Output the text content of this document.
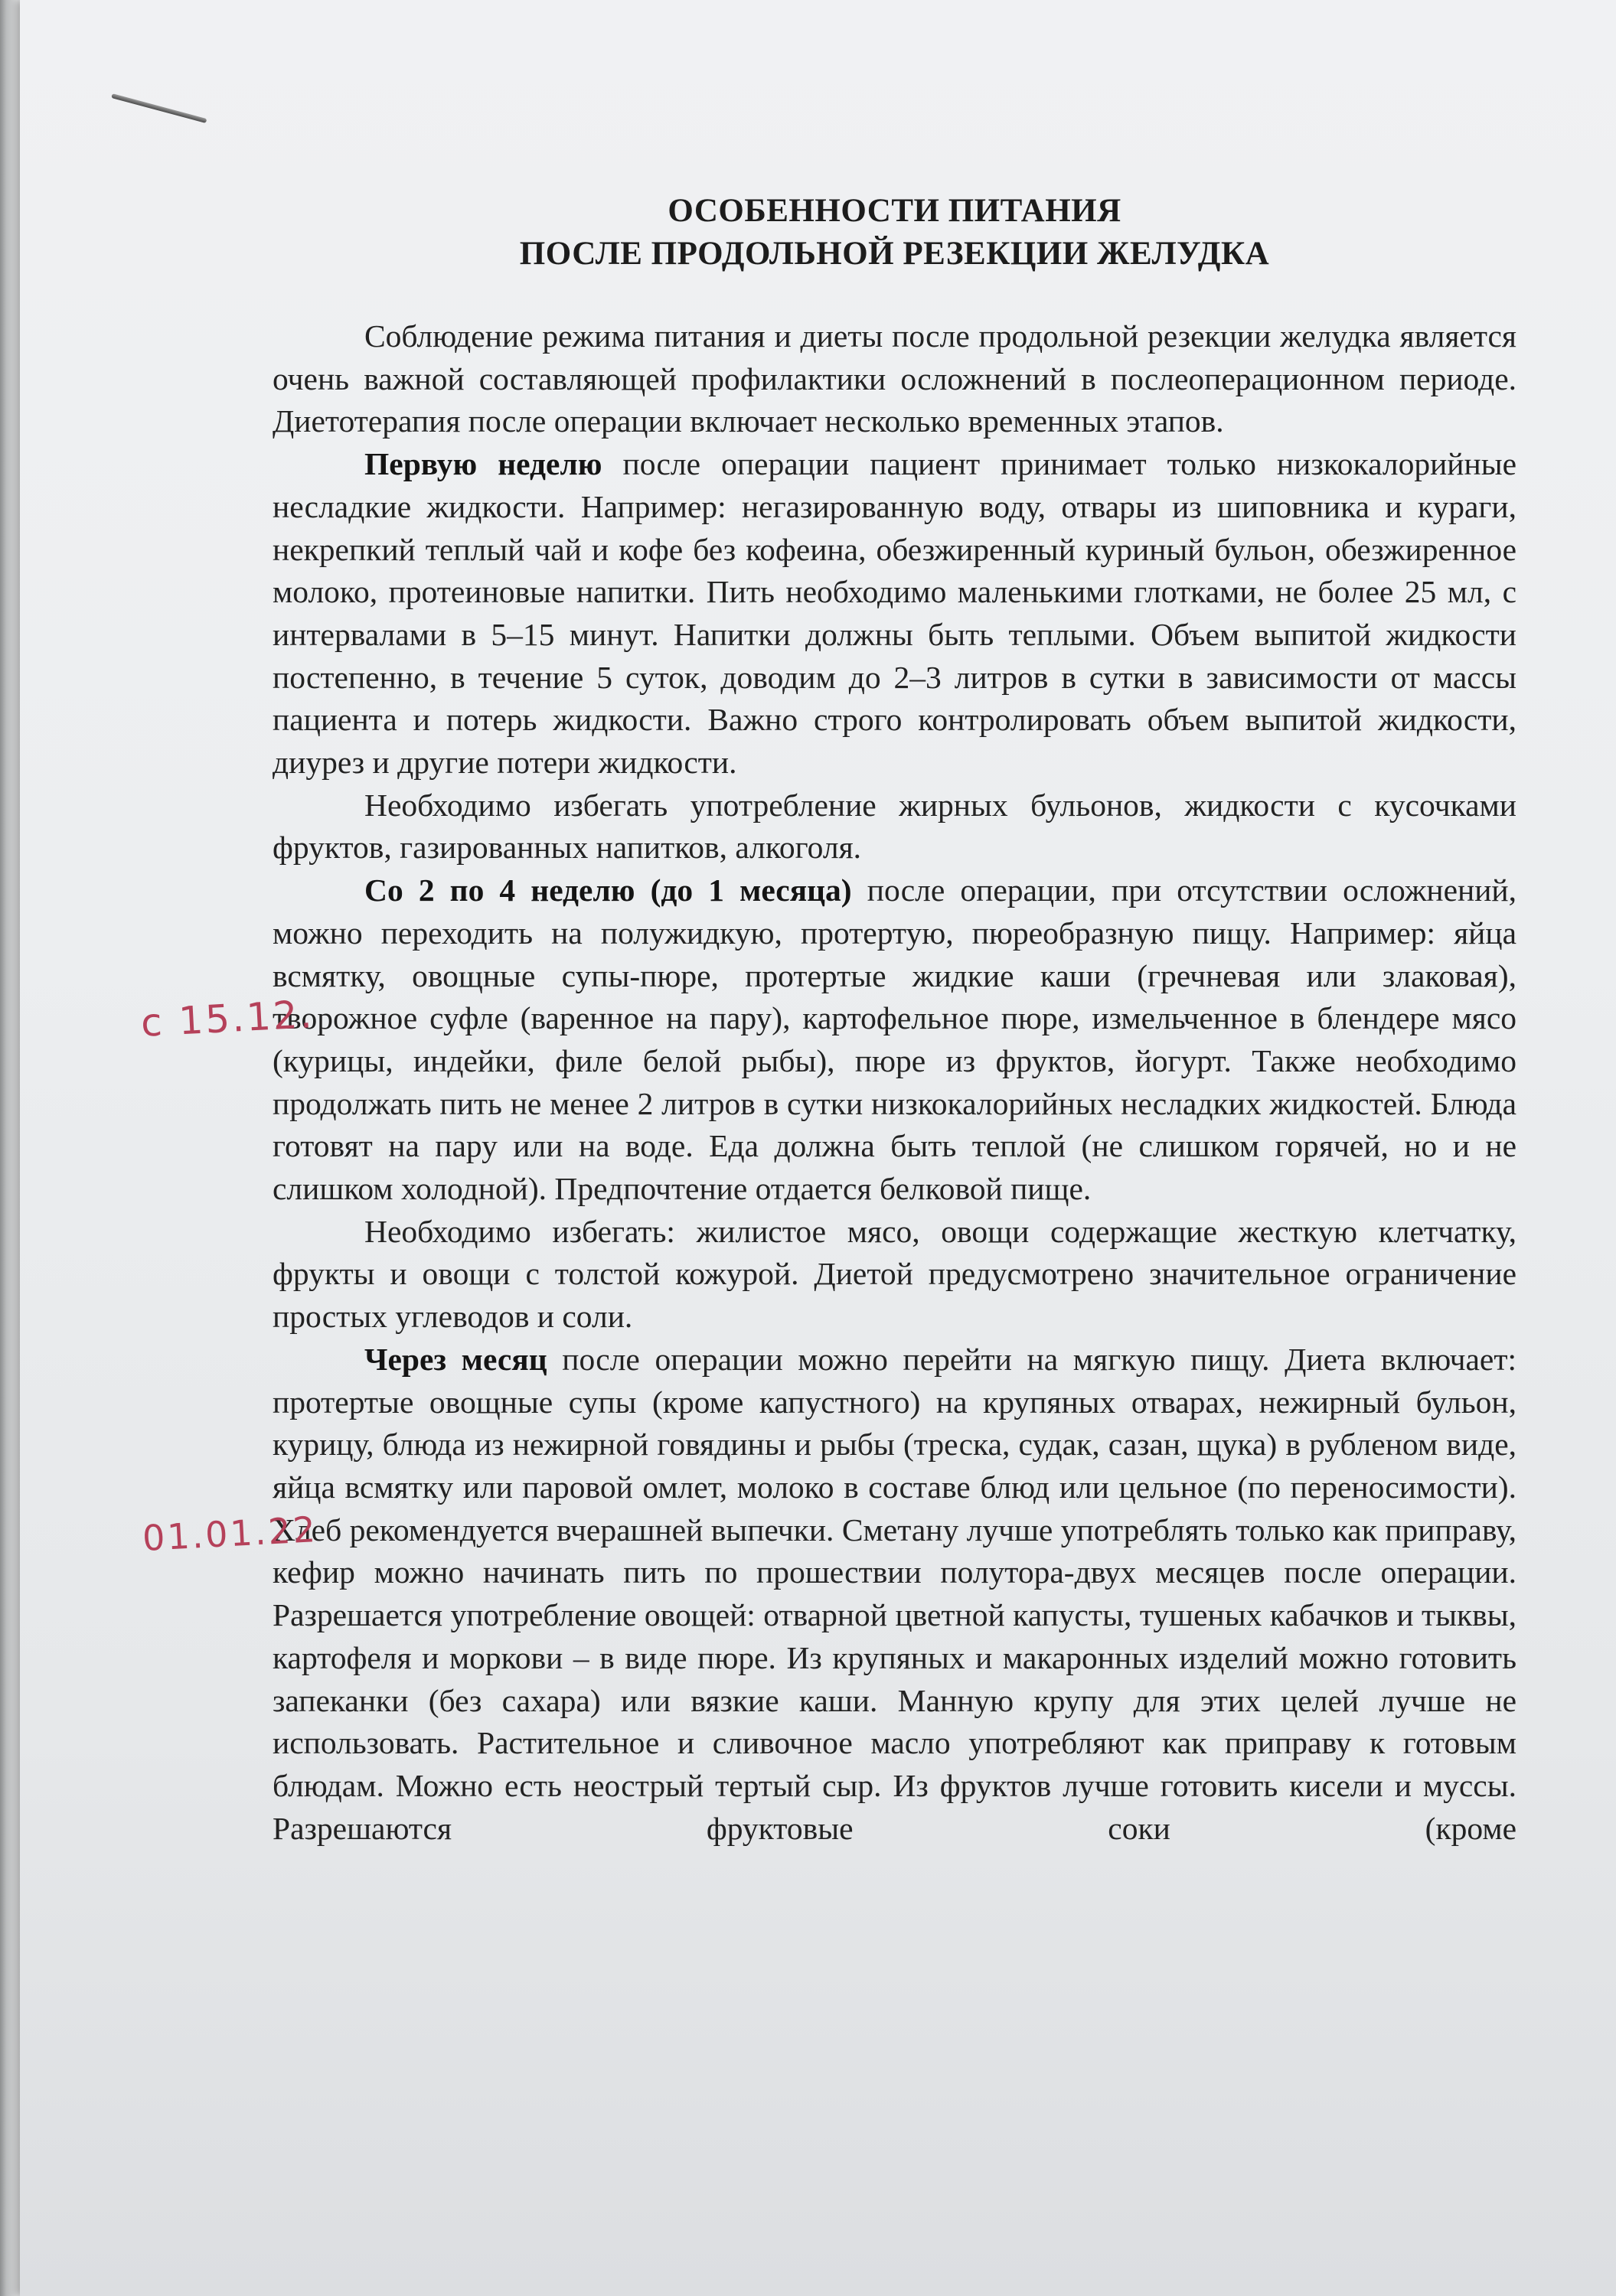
ОСОБЕННОСТИ ПИТАНИЯ
ПОСЛЕ ПРОДОЛЬНОЙ РЕЗЕКЦИИ ЖЕЛУДКА

Соблюдение режима питания и диеты после продольной резекции желудка является очень важной составляющей профилактики осложнений в послеоперационном периоде. Диетотерапия после операции включает несколько временных этапов.

Первую неделю после операции пациент принимает только низкокалорийные несладкие жидкости. Например: негазированную воду, отвары из шиповника и кураги, некрепкий теплый чай и кофе без кофеина, обезжиренный куриный бульон, обезжиренное молоко, протеиновые напитки. Пить необходимо маленькими глотками, не более 25 мл, с интервалами в 5–15 минут. Напитки должны быть теплыми. Объем выпитой жидкости постепенно, в течение 5 суток, доводим до 2–3 литров в сутки в зависимости от массы пациента и потерь жидкости. Важно строго контролировать объем выпитой жидкости, диурез и другие потери жидкости.

Необходимо избегать употребление жирных бульонов, жидкости с кусочками фруктов, газированных напитков, алкоголя.

Со 2 по 4 неделю (до 1 месяца) после операции, при отсутствии осложнений, можно переходить на полужидкую, протертую, пюреобразную пищу. Например: яйца всмятку, овощные супы-пюре, протертые жидкие каши (гречневая или злаковая), творожное суфле (варенное на пару), картофельное пюре, измельченное в блендере мясо (курицы, индейки, филе белой рыбы), пюре из фруктов, йогурт. Также необходимо продолжать пить не менее 2 литров в сутки низкокалорийных несладких жидкостей. Блюда готовят на пару или на воде. Еда должна быть теплой (не слишком горячей, но и не слишком холодной). Предпочтение отдается белковой пище.

Необходимо избегать: жилистое мясо, овощи содержащие жесткую клетчатку, фрукты и овощи с толстой кожурой. Диетой предусмотрено значительное ограничение простых углеводов и соли.

Через месяц после операции можно перейти на мягкую пищу. Диета включает: протертые овощные супы (кроме капустного) на крупяных отварах, нежирный бульон, курицу, блюда из нежирной говядины и рыбы (треска, судак, сазан, щука) в рубленом виде, яйца всмятку или паровой омлет, молоко в составе блюд или цельное (по переносимости). Хлеб рекомендуется вчерашней выпечки. Сметану лучше употреблять только как приправу, кефир можно начинать пить по прошествии полутора-двух месяцев после операции. Разрешается употребление овощей: отварной цветной капусты, тушеных кабачков и тыквы, картофеля и моркови – в виде пюре. Из крупяных и макаронных изделий можно готовить запеканки (без сахара) или вязкие каши. Манную крупу для этих целей лучше не использовать. Растительное и сливочное масло употребляют как приправу к готовым блюдам. Можно есть неострый тертый сыр. Из фруктов лучше готовить кисели и муссы. Разрешаются фруктовые соки (кроме

с 15.12.
01.01.22
